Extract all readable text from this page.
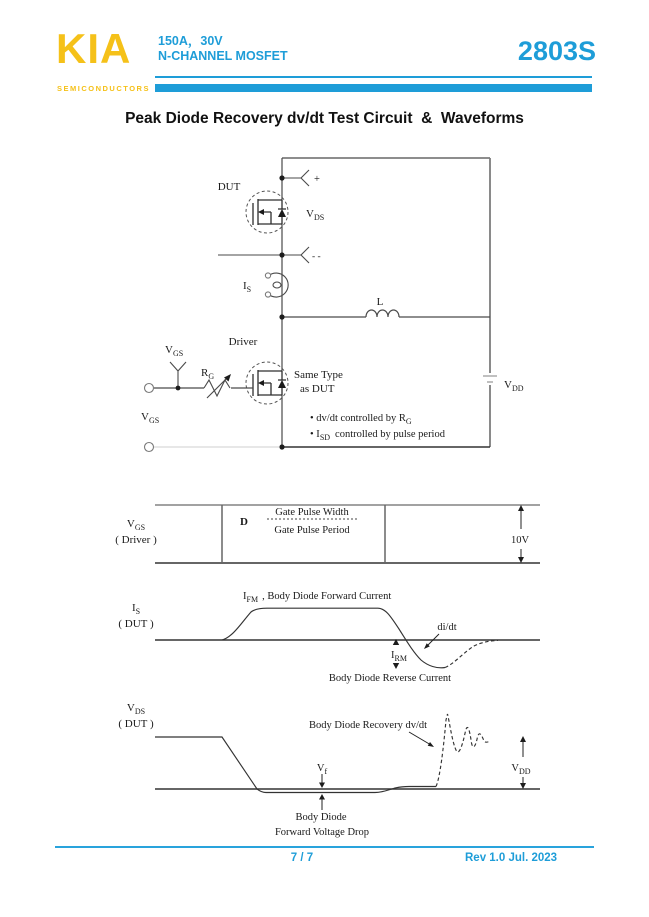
KIA
SEMICONDUCTORS
150A，30V
N-CHANNEL MOSFET	2803S
Peak Diode Recovery dv/dt Test Circuit  &  Waveforms
DUT
+
- -
$V_{DS}$
$I_S$
L
$V_{DD}$
Driver
Same Type
as DUT
$R_G$
$V_{GS}$
$V_{GS}$	• dv/dt controlled by $R_G$
• $I_{SD}$ controlled by pulse period
$V_{GS}$
( Driver )
D
Gate Pulse Width
Gate Pulse Period
10V
$I_S$
( DUT )
$I_{FM}$ , Body Diode Forward Current
di/dt
$I_{RM}$
Body Diode Reverse Current
$V_{DS}$
( DUT )	Body Diode Recovery dv/dt
$V_f$
Body Diode
Forward Voltage Drop
$V_{DD}$
7 / 7	Rev 1.0 Jul. 2023
